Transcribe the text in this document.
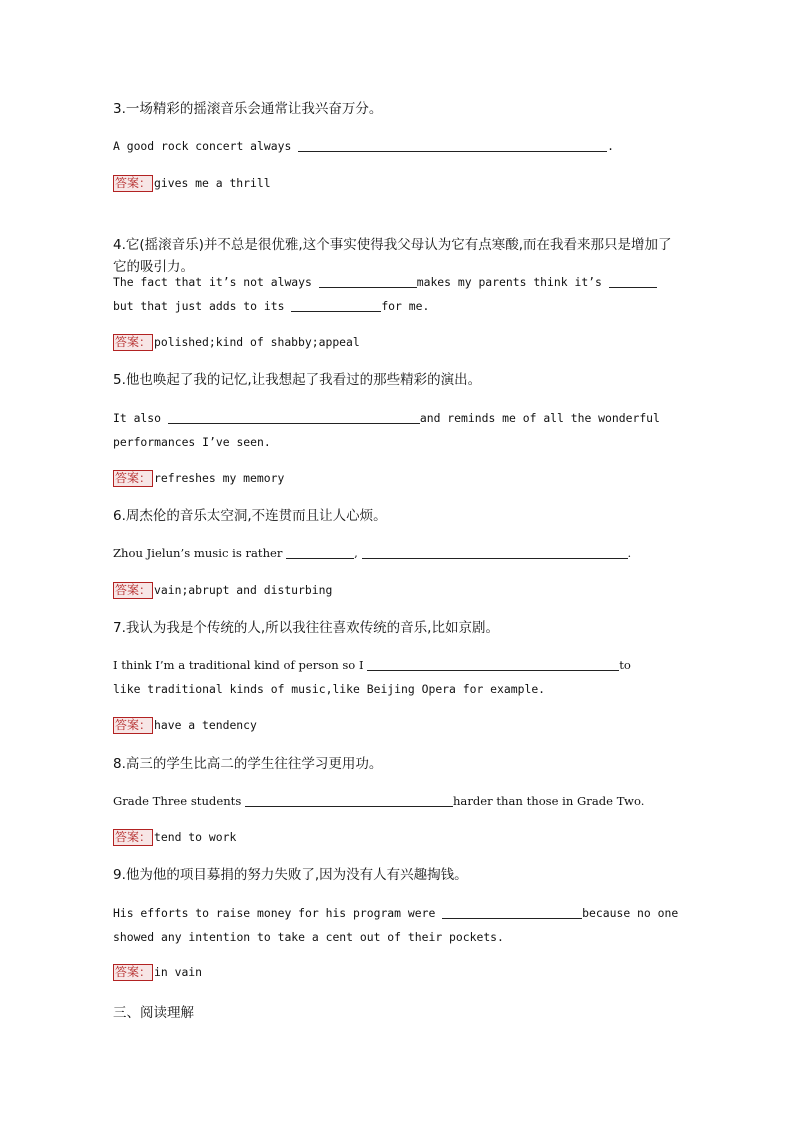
3.一场精彩的摇滚音乐会通常让我兴奋万分。
A good rock concert always	.
答案： gives me a thrill
4.它(摇滚音乐)并不总是很优雅,这个事实使得我父母认为它有点寒酸,而在我看来那只是增加了它的吸引力。
The fact that it’s not always	makes my parents think it’s
but that just adds to its	for me.
答案： polished;kind of shabby;appeal
5.他也唤起了我的记忆,让我想起了我看过的那些精彩的演出。
It also	and reminds me of all the wonderful
performances I’ve seen.
答案： refreshes my memory
6.周杰伦的音乐太空洞,不连贯而且让人心烦。
Zhou Jielun’s music is rather	,	.
答案： vain;abrupt and disturbing
7.我认为我是个传统的人,所以我往往喜欢传统的音乐,比如京剧。
I think I’m a traditional kind of person so I	to
like traditional kinds of music,like Beijing Opera for example.
答案： have a tendency
8.高三的学生比高二的学生往往学习更用功。
Grade Three students	harder than those in Grade Two.
答案： tend to work
9.他为他的项目募捐的努力失败了,因为没有人有兴趣掏钱。
His efforts to raise money for his program were	because no one
showed any intention to take a cent out of their pockets.
答案： in vain
三、阅读理解
